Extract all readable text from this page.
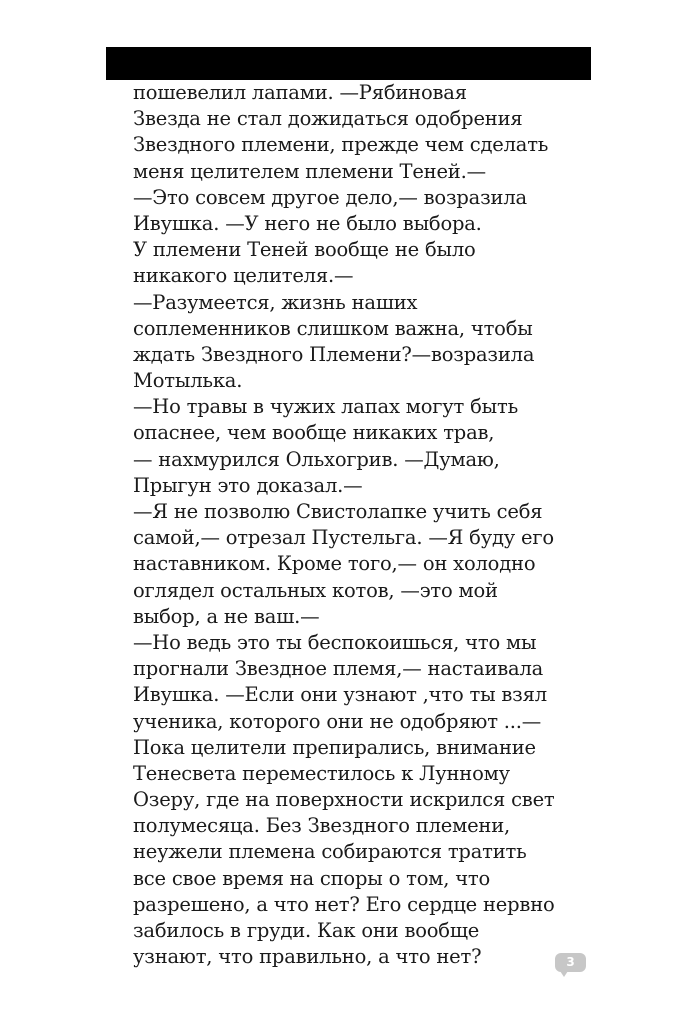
пошевелил лапами. —Рябиновая
Звезда не стал дожидаться одобрения
Звездного племени, прежде чем сделать
меня целителем племени Теней.—
—Это совсем другое дело,— возразила
Ивушка. —У него не было выбора.
У племени Теней вообще не было
никакого целителя.—
—Разумеется, жизнь наших
соплеменников слишком важна, чтобы
ждать Звездного Племени?—возразила
Мотылька.
—Но травы в чужих лапах могут быть
опаснее, чем вообще никаких трав,
— нахмурился Ольхогрив. —Думаю,
Прыгун это доказал.—
—Я не позволю Свистолапке учить себя
самой,— отрезал Пустельга. —Я буду его
наставником. Кроме того,— он холодно
оглядел остальных котов, —это мой
выбор, а не ваш.—
—Но ведь это ты беспокоишься, что мы
прогнали Звездное племя,— настаивала
Ивушка. —Если они узнают ,что ты взял
ученика, которого они не одобряют ...—
Пока целители препирались, внимание
Тенесвета переместилось к Лунному
Озеру, где на поверхности искрился свет
полумесяца. Без Звездного племени,
неужели племена собираются тратить
все свое время на споры о том, что
разрешено, а что нет? Его сердце нервно
забилось в груди. Как они вообще
узнают, что правильно, а что нет?	3
